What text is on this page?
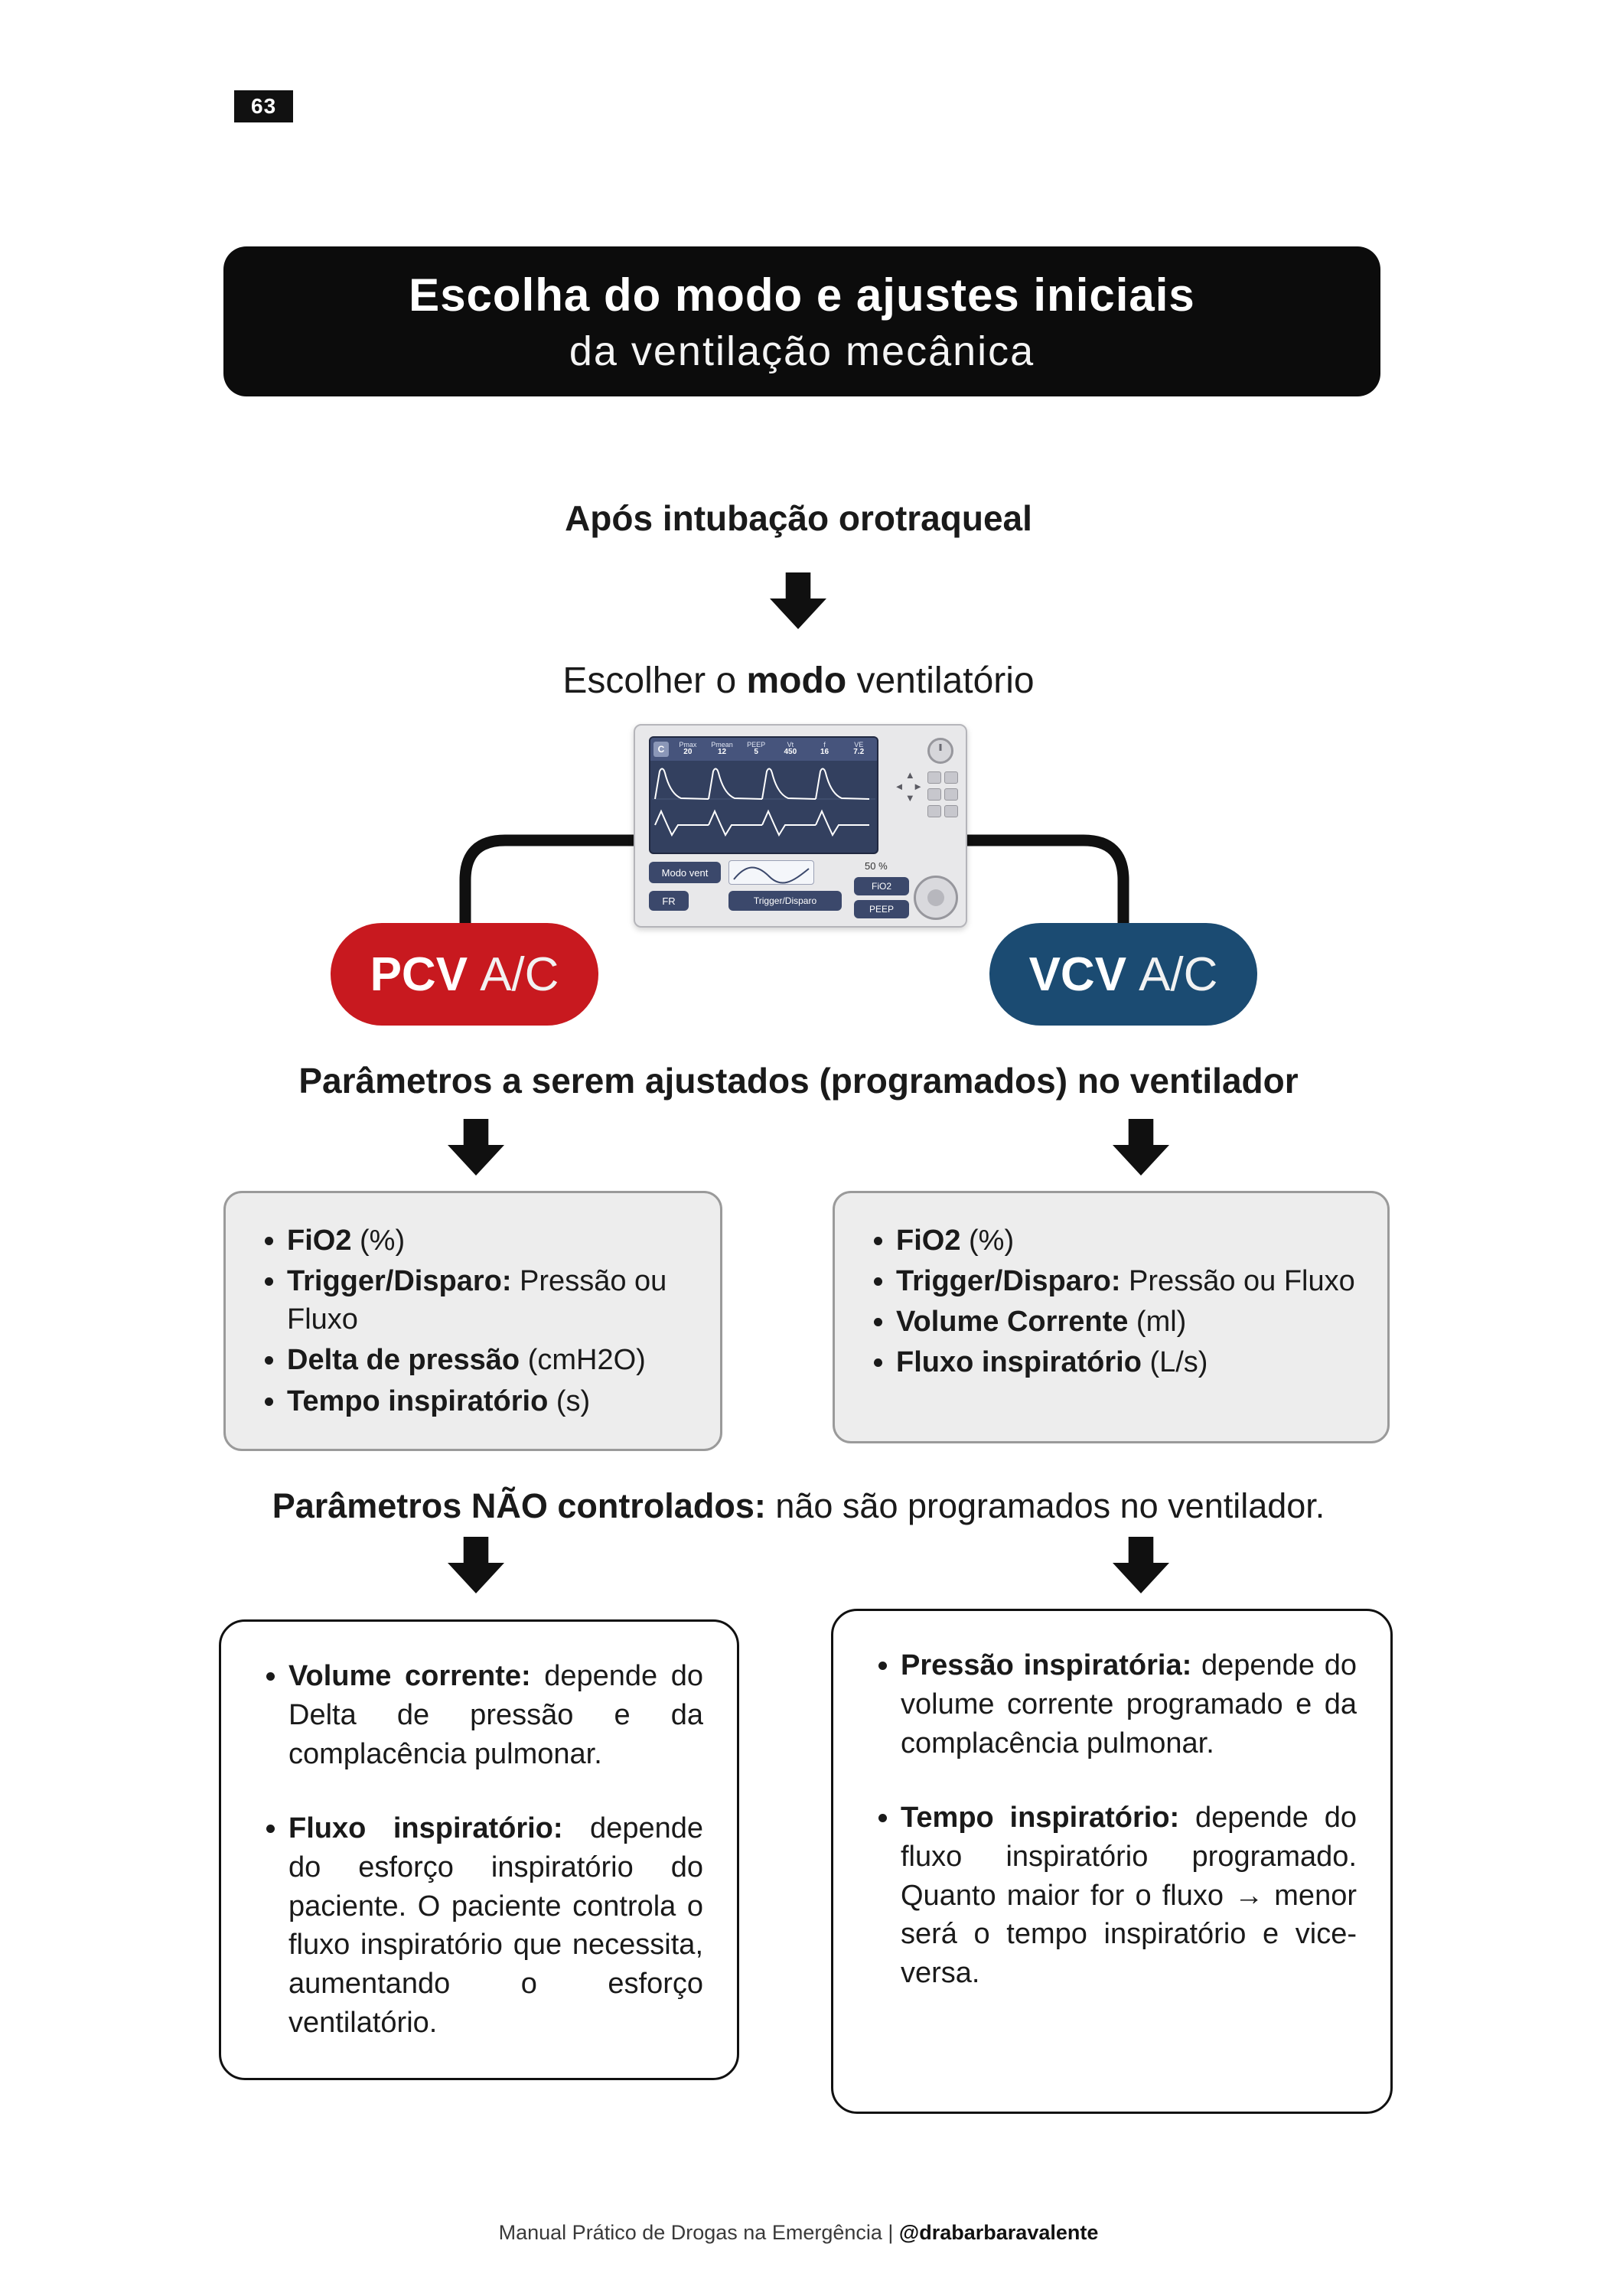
63
Escolha do modo e ajustes iniciais
da ventilação mecânica
Após intubação orotraqueal
Escolher o modo ventilatório
C	Pmax
20
Pmean
12
PEEP
5
Vt
450
f
16
VE
7.2
▲
◄ ►
▼
Modo vent
50 %
FR	Trigger/Disparo
FiO2
PEEP
PCV A/C	VCV A/C
Parâmetros a serem ajustados (programados) no ventilador
• FiO2 (%)
• Trigger/Disparo: Pressão ou Fluxo
• Delta de pressão (cmH2O)
• Tempo inspiratório (s)
• FiO2 (%)
• Trigger/Disparo: Pressão ou Fluxo
• Volume Corrente (ml)
• Fluxo inspiratório (L/s)
Parâmetros NÃO controlados: não são programados no ventilador.
• Volume corrente: depende do Delta de pressão e da complacência pulmonar.
• Fluxo inspiratório: depende do esforço inspiratório do paciente. O paciente controla o fluxo inspiratório que necessita, aumentando o esforço ventilatório.
• Pressão inspiratória: depende do volume corrente programado e da complacência pulmonar.
• Tempo inspiratório: depende do fluxo inspiratório programado. Quanto maior for o fluxo → menor será o tempo inspiratório e vice-versa.
Manual Prático de Drogas na Emergência | @drabarbaravalente
